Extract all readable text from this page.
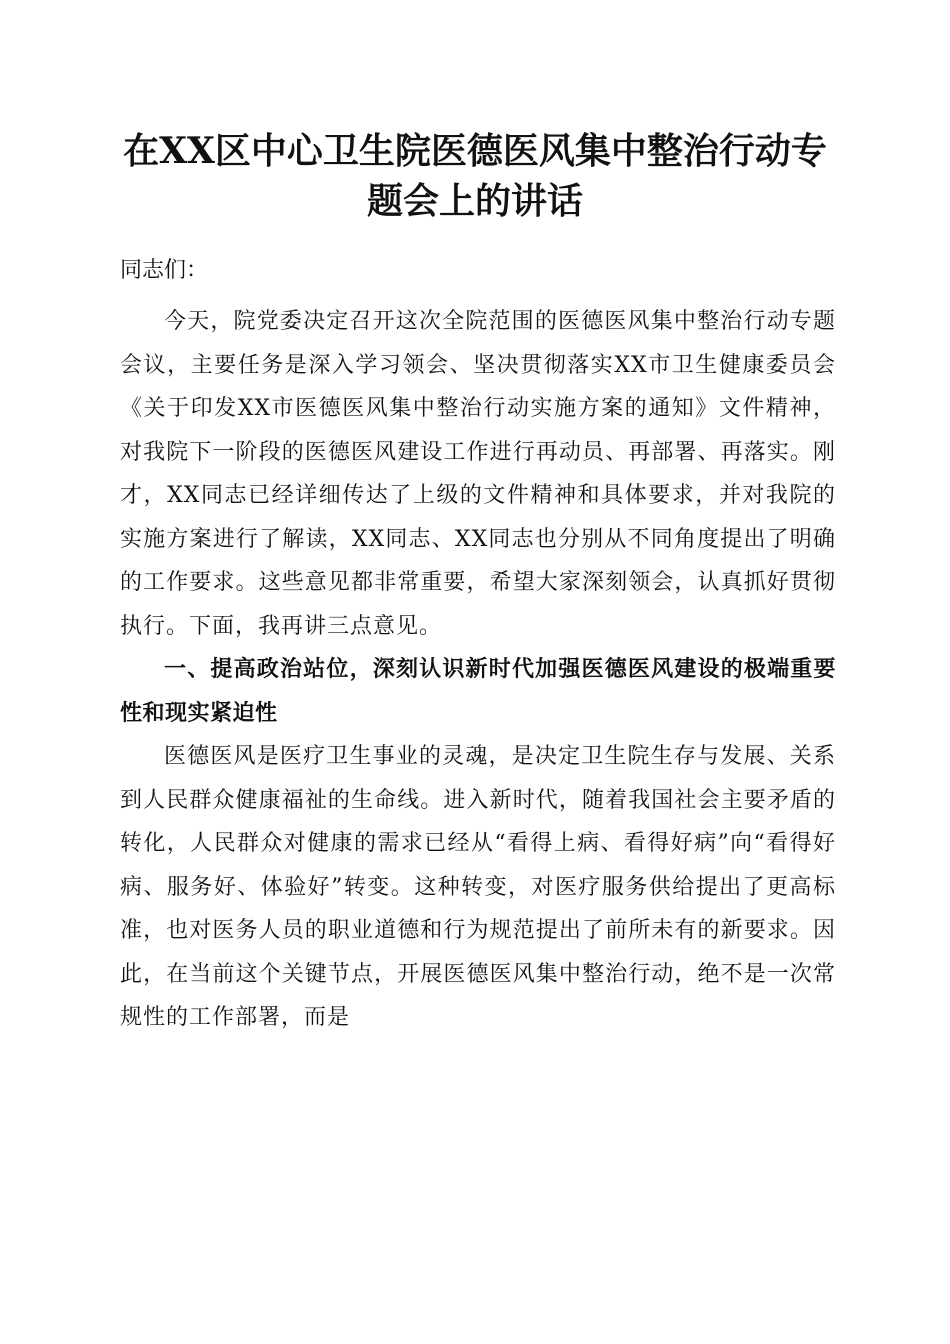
在XX区中心卫生院医德医风集中整治行动专题会上的讲话
同志们：

今天，院党委决定召开这次全院范围的医德医风集中整治行动专题会议，主要任务是深入学习领会、坚决贯彻落实XX市卫生健康委员会《关于印发XX市医德医风集中整治行动实施方案的通知》文件精神，对我院下一阶段的医德医风建设工作进行再动员、再部署、再落实。刚才，XX同志已经详细传达了上级的文件精神和具体要求，并对我院的实施方案进行了解读，XX同志、XX同志也分别从不同角度提出了明确的工作要求。这些意见都非常重要，希望大家深刻领会，认真抓好贯彻执行。下面，我再讲三点意见。

一、提高政治站位，深刻认识新时代加强医德医风建设的极端重要性和现实紧迫性

医德医风是医疗卫生事业的灵魂，是决定卫生院生存与发展、关系到人民群众健康福祉的生命线。进入新时代，随着我国社会主要矛盾的转化，人民群众对健康的需求已经从“看得上病、看得好病”向“看得好病、服务好、体验好”转变。这种转变，对医疗服务供给提出了更高标准，也对医务人员的职业道德和行为规范提出了前所未有的新要求。因此，在当前这个关键节点，开展医德医风集中整治行动，绝不是一次常规性的工作部署，而是
